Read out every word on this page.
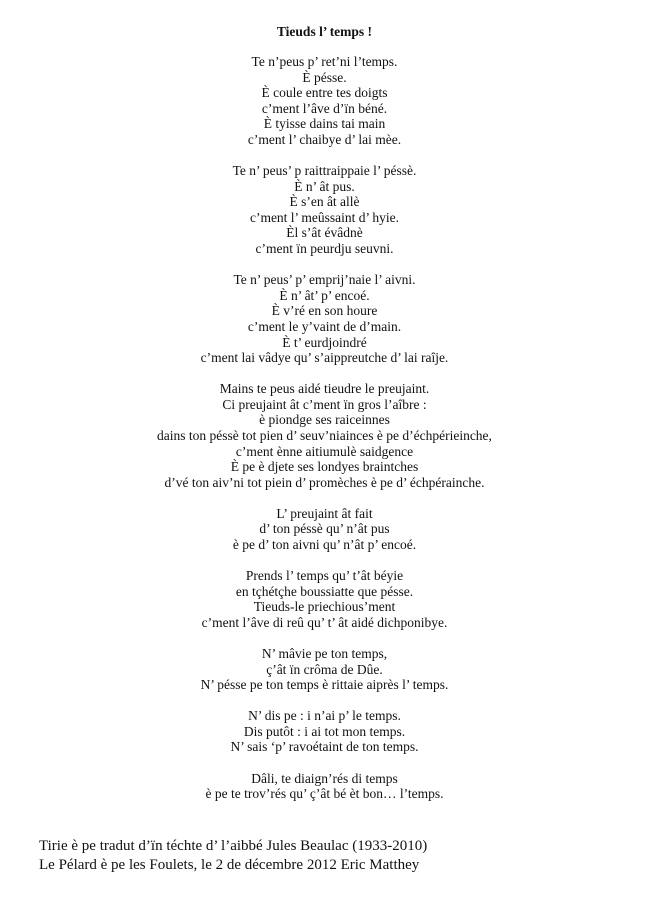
Tieuds l’ temps !
Te n’peus p’ ret’ni l’temps.
È pésse.
È coule entre tes doigts
c’ment l’âve d’ïn béné.
È tyisse dains tai main
c’ment l’ chaibye d’ lai mèe.
Te n’ peus’ p raittraippaie l’ péssè.
È n’ ât pus.
È s’en ât allè
c’ment l’ meûssaint d’ hyie.
Èl s’ât évâdnè
c’ment ïn peurdju seuvni.
Te n’ peus’ p’ emprij’naie l’ aivni.
È n’ ât’ p’ encoé.
È v’ré en son houre
c’ment le y’vaint de d’main.
È t’ eurdjoindré
c’ment lai vâdye qu’ s’aippreutche d’ lai raîje.
Mains te peus aidé tieudre le preujaint.
Ci preujaint ât c’ment ïn gros l’aîbre :
è piondge ses raiceinnes
dains ton péssè tot pien d’ seuv’niainces è pe d’échpérieinche,
c’ment ènne aitiumulè saidgence
È pe è djete ses londyes braintches
d’vé ton aiv’ni tot piein d’ promèches è pe d’ échpérainche.
L’ preujaint ât fait
d’ ton péssè qu’ n’ât pus
è pe d’ ton aivni qu’ n’ât p’ encoé.
Prends l’ temps qu’ t’ât béyie
en tçhétçhe boussiatte que pésse.
Tieuds-le priechious’ment
c’ment l’âve di reû qu’ t’ ât aidé dichponibye.
N’ mâvie pe ton temps,
ç’ât ïn crôma de Dûe.
N’ pésse pe ton temps è rittaie aiprès l’ temps.
N’ dis pe : i n’ai p’ le temps.
Dis putôt : i ai tot mon temps.
N’ sais ‘p’ ravoétaint de ton temps.
Dâli, te diaign’rés di temps
è pe te trov’rés qu’ ç’ât bé èt bon… l’temps.
Tirie è pe tradut d’ïn téchte d’ l’aibbé Jules Beaulac (1933-2010)
Le Pélard è pe les Foulets, le 2 de décembre 2012 Eric Matthey
